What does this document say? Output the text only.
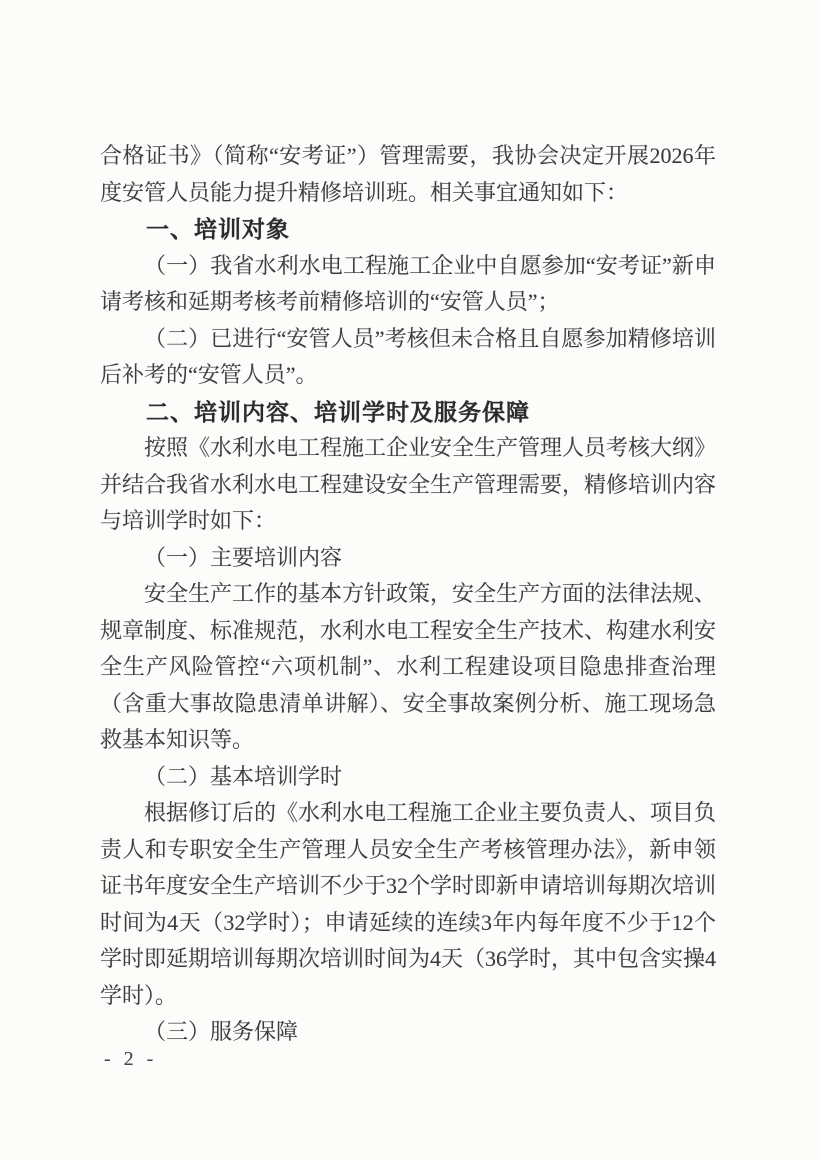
合格证书》（简称“安考证”）管理需要，我协会决定开展2026年度安管人员能力提升精修培训班。相关事宜通知如下：

一、培训对象

（一）我省水利水电工程施工企业中自愿参加“安考证”新申请考核和延期考核考前精修培训的“安管人员”；

（二）已进行“安管人员”考核但未合格且自愿参加精修培训后补考的“安管人员”。

二、培训内容、培训学时及服务保障

按照《水利水电工程施工企业安全生产管理人员考核大纲》并结合我省水利水电工程建设安全生产管理需要，精修培训内容与培训学时如下：

（一）主要培训内容

安全生产工作的基本方针政策，安全生产方面的法律法规、规章制度、标准规范，水利水电工程安全生产技术、构建水利安全生产风险管控“六项机制”、水利工程建设项目隐患排查治理（含重大事故隐患清单讲解）、安全事故案例分析、施工现场急救基本知识等。

（二）基本培训学时

根据修订后的《水利水电工程施工企业主要负责人、项目负责人和专职安全生产管理人员安全生产考核管理办法》，新申领证书年度安全生产培训不少于32个学时即新申请培训每期次培训时间为4天（32学时）；申请延续的连续3年内每年度不少于12个学时即延期培训每期次培训时间为4天（36学时，其中包含实操4学时）。

（三）服务保障

- 2 -
